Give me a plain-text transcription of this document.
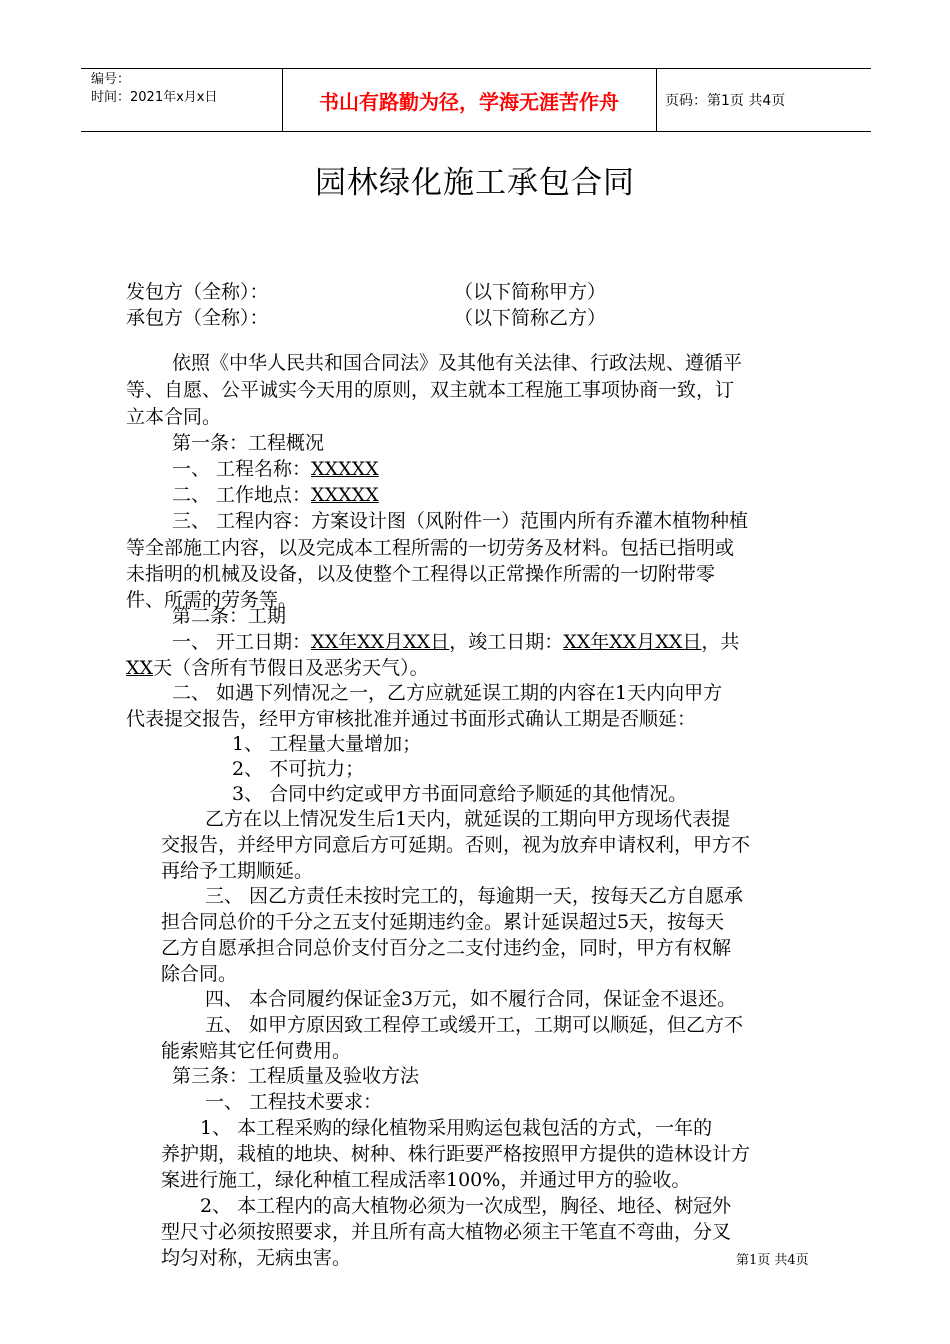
编号：
时间：2021年x月x日	书山有路勤为径，学海无涯苦作舟	页码：第1页 共4页
园林绿化施工承包合同
发包方（全称）：	（以下简称甲方）
承包方（全称）：	（以下简称乙方）
依照《中华人民共和国合同法》及其他有关法律、行政法规、遵循平
等、自愿、公平诚实今天用的原则，双主就本工程施工事项协商一致，订
立本合同。
第一条：工程概况
一、 工程名称：XXXXX
二、 工作地点：XXXXX
三、 工程内容：方案设计图（风附件一）范围内所有乔灌木植物种植
等全部施工内容，以及完成本工程所需的一切劳务及材料。包括已指明或
未指明的机械及设备，以及使整个工程得以正常操作所需的一切附带零
件、所需的劳务等。
第二条：工期
一、 开工日期：XX年XX月XX日，竣工日期：XX年XX月XX日，共
XX天（含所有节假日及恶劣天气）。
二、 如遇下列情况之一，乙方应就延误工期的内容在1天内向甲方
代表提交报告，经甲方审核批准并通过书面形式确认工期是否顺延：
1、 工程量大量增加；
2、 不可抗力；
3、 合同中约定或甲方书面同意给予顺延的其他情况。
乙方在以上情况发生后1天内，就延误的工期向甲方现场代表提
交报告，并经甲方同意后方可延期。否则，视为放弃申请权利，甲方不
再给予工期顺延。
三、 因乙方责任未按时完工的，每逾期一天，按每天乙方自愿承
担合同总价的千分之五支付延期违约金。累计延误超过5天，按每天
乙方自愿承担合同总价支付百分之二支付违约金，同时，甲方有权解
除合同。
四、 本合同履约保证金3万元，如不履行合同，保证金不退还。
五、 如甲方原因致工程停工或缓开工，工期可以顺延，但乙方不
能索赔其它任何费用。
第三条：工程质量及验收方法
一、 工程技术要求：
1、 本工程采购的绿化植物采用购运包栽包活的方式，一年的
养护期，栽植的地块、树种、株行距要严格按照甲方提供的造林设计方
案进行施工，绿化种植工程成活率100%，并通过甲方的验收。
2、 本工程内的高大植物必须为一次成型，胸径、地径、树冠外
型尺寸必须按照要求，并且所有高大植物必须主干笔直不弯曲，分叉
均匀对称，无病虫害。	第1页 共4页
